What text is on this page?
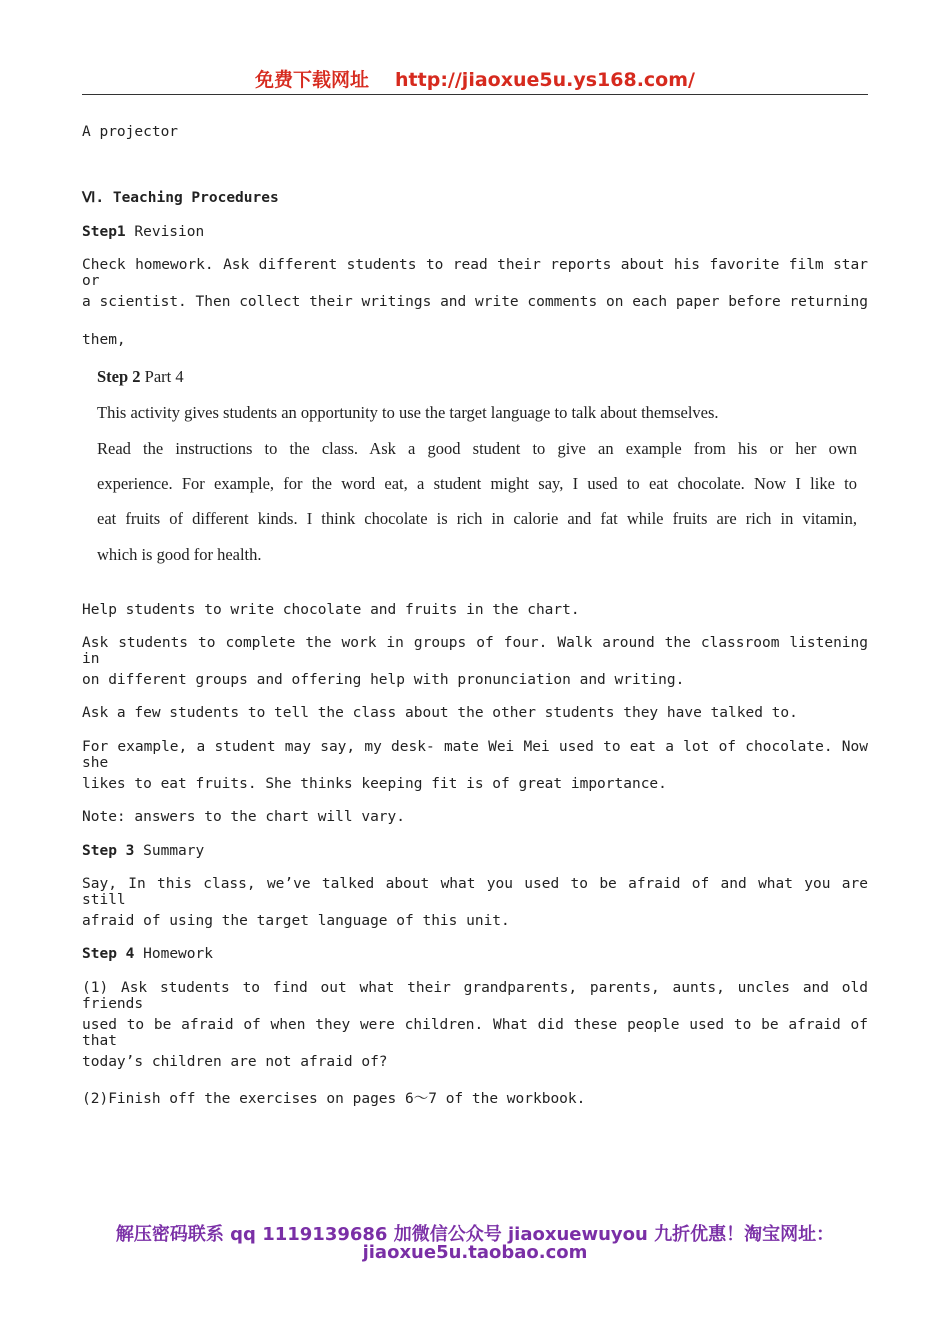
免费下载网址 http://jiaoxue5u.ys168.com/
A projector
Ⅵ. Teaching Procedures
Step1 Revision
Check homework. Ask different students to read their reports about his favorite film star or
a scientist. Then collect their writings and write comments on each paper before returning
them,
Step 2 Part 4
This activity gives students an opportunity to use the target language to talk about themselves.
Read the instructions to the class. Ask a good student to give an example from his or her own
experience. For example, for the word eat, a student might say, I used to eat chocolate. Now I like to
eat fruits of different kinds. I think chocolate is rich in calorie and fat while fruits are rich in vitamin,
which is good for health.
Help students to write chocolate and fruits in the chart.
Ask students to complete the work in groups of four. Walk around the classroom listening in
on different groups and offering help with pronunciation and writing.
Ask a few students to tell the class about the other students they have talked to.
For example, a student may say, my desk- mate Wei Mei used to eat a lot of chocolate. Now she
likes to eat fruits. She thinks keeping fit is of great importance.
Note: answers to the chart will vary.
Step 3 Summary
Say, In this class, we’ve talked about what you used to be afraid of and what you are still
afraid of using the target language of this unit.
Step 4 Homework
(1) Ask students to find out what their grandparents, parents, aunts, uncles and old friends
used to be afraid of when they were children. What did these people used to be afraid of that
today’s children are not afraid of?
(2)Finish off the exercises on pages 6～7 of the workbook.
解压密码联系 qq 1119139686 加微信公众号 jiaoxuewuyou 九折优惠！淘宝网址：
jiaoxue5u.taobao.com
